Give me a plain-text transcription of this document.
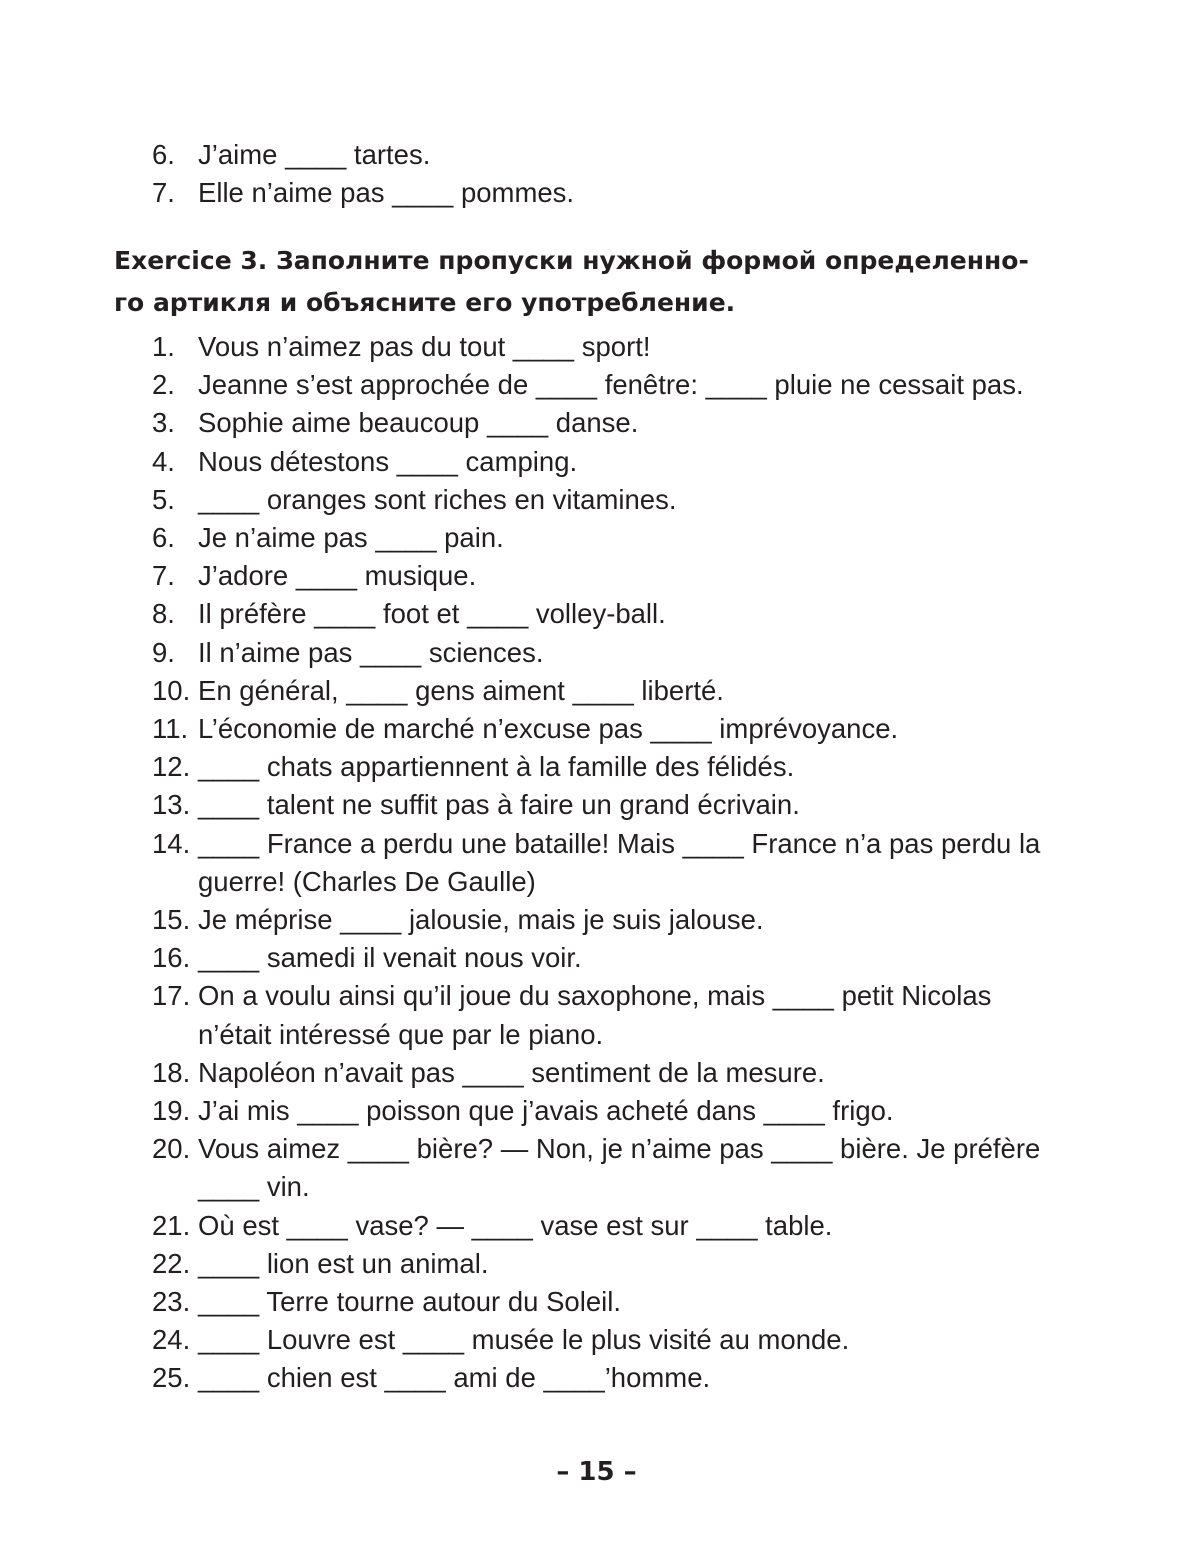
6. J’aime ____ tartes.
7. Elle n’aime pas ____ pommes.
Exercice 3. Заполните пропуски нужной формой определенно-
го артикля и объясните его употребление.
1. Vous n’aimez pas du tout ____ sport!
2. Jeanne s’est approchée de ____ fenêtre: ____ pluie ne cessait pas.
3. Sophie aime beaucoup ____ danse.
4. Nous détestons ____ camping.
5. ____ oranges sont riches en vitamines.
6. Je n’aime pas ____ pain.
7. J’adore ____ musique.
8. Il préfère ____ foot et ____ volley-ball.
9. Il n’aime pas ____ sciences.
10. En général, ____ gens aiment ____ liberté.
11. L’économie de marché n’excuse pas ____ imprévoyance.
12. ____ chats appartiennent à la famille des félidés.
13. ____ talent ne suffit pas à faire un grand écrivain.
14. ____ France a perdu une bataille! Mais ____ France n’a pas perdu la
guerre! (Charles De Gaulle)
15. Je méprise ____ jalousie, mais je suis jalouse.
16. ____ samedi il venait nous voir.
17. On a voulu ainsi qu’il joue du saxophone, mais ____ petit Nicolas
n’était intéressé que par le piano.
18. Napoléon n’avait pas ____ sentiment de la mesure.
19. J’ai mis ____ poisson que j’avais acheté dans ____ frigo.
20. Vous aimez ____ bière? — Non, je n’aime pas ____ bière. Je préfère
____ vin.
21. Où est ____ vase? — ____ vase est sur ____ table.
22. ____ lion est un animal.
23. ____ Terre tourne autour du Soleil.
24. ____ Louvre est ____ musée le plus visité au monde.
25. ____ chien est ____ ami de ____’homme.
– 15 –
